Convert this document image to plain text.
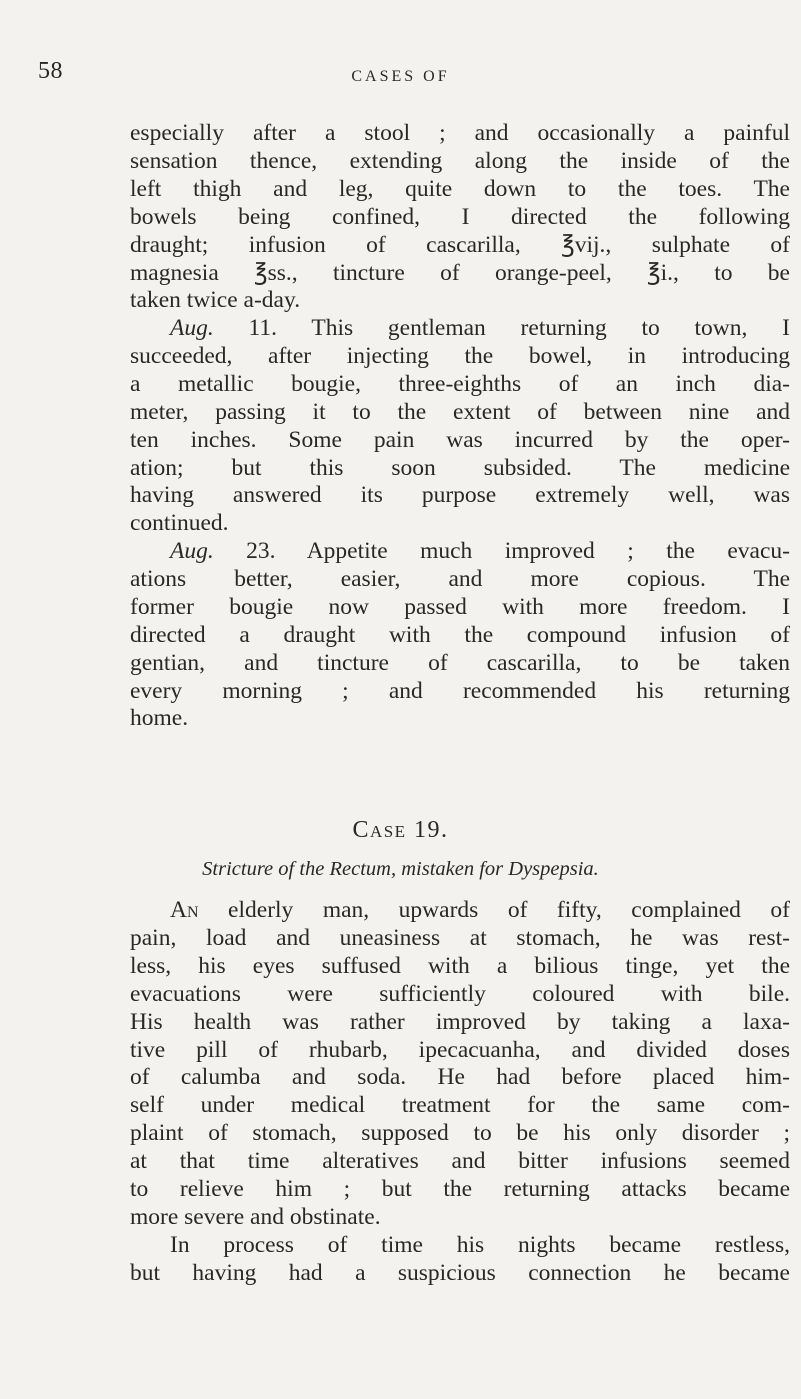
58	CASES OF
especially after a stool ; and occasionally a painful
sensation thence, extending along the inside of the
left thigh and leg, quite down to the toes. The
bowels being confined, I directed the following
draught; infusion of cascarilla, ℥vij., sulphate of
magnesia ℥ss., tincture of orange-peel, ℥i., to be
taken twice a-day.
Aug. 11. This gentleman returning to town, I
succeeded, after injecting the bowel, in introducing
a metallic bougie, three-eighths of an inch dia-
meter, passing it to the extent of between nine and
ten inches. Some pain was incurred by the oper-
ation; but this soon subsided. The medicine
having answered its purpose extremely well, was
continued.
Aug. 23. Appetite much improved ; the evacu-
ations better, easier, and more copious. The
former bougie now passed with more freedom. I
directed a draught with the compound infusion of
gentian, and tincture of cascarilla, to be taken
every morning ; and recommended his returning
home.
Case 19.
Stricture of the Rectum, mistaken for Dyspepsia.
An elderly man, upwards of fifty, complained of
pain, load and uneasiness at stomach, he was rest-
less, his eyes suffused with a bilious tinge, yet the
evacuations were sufficiently coloured with bile.
His health was rather improved by taking a laxa-
tive pill of rhubarb, ipecacuanha, and divided doses
of calumba and soda. He had before placed him-
self under medical treatment for the same com-
plaint of stomach, supposed to be his only disorder ;
at that time alteratives and bitter infusions seemed
to relieve him ; but the returning attacks became
more severe and obstinate.
In process of time his nights became restless,
but having had a suspicious connection he became
